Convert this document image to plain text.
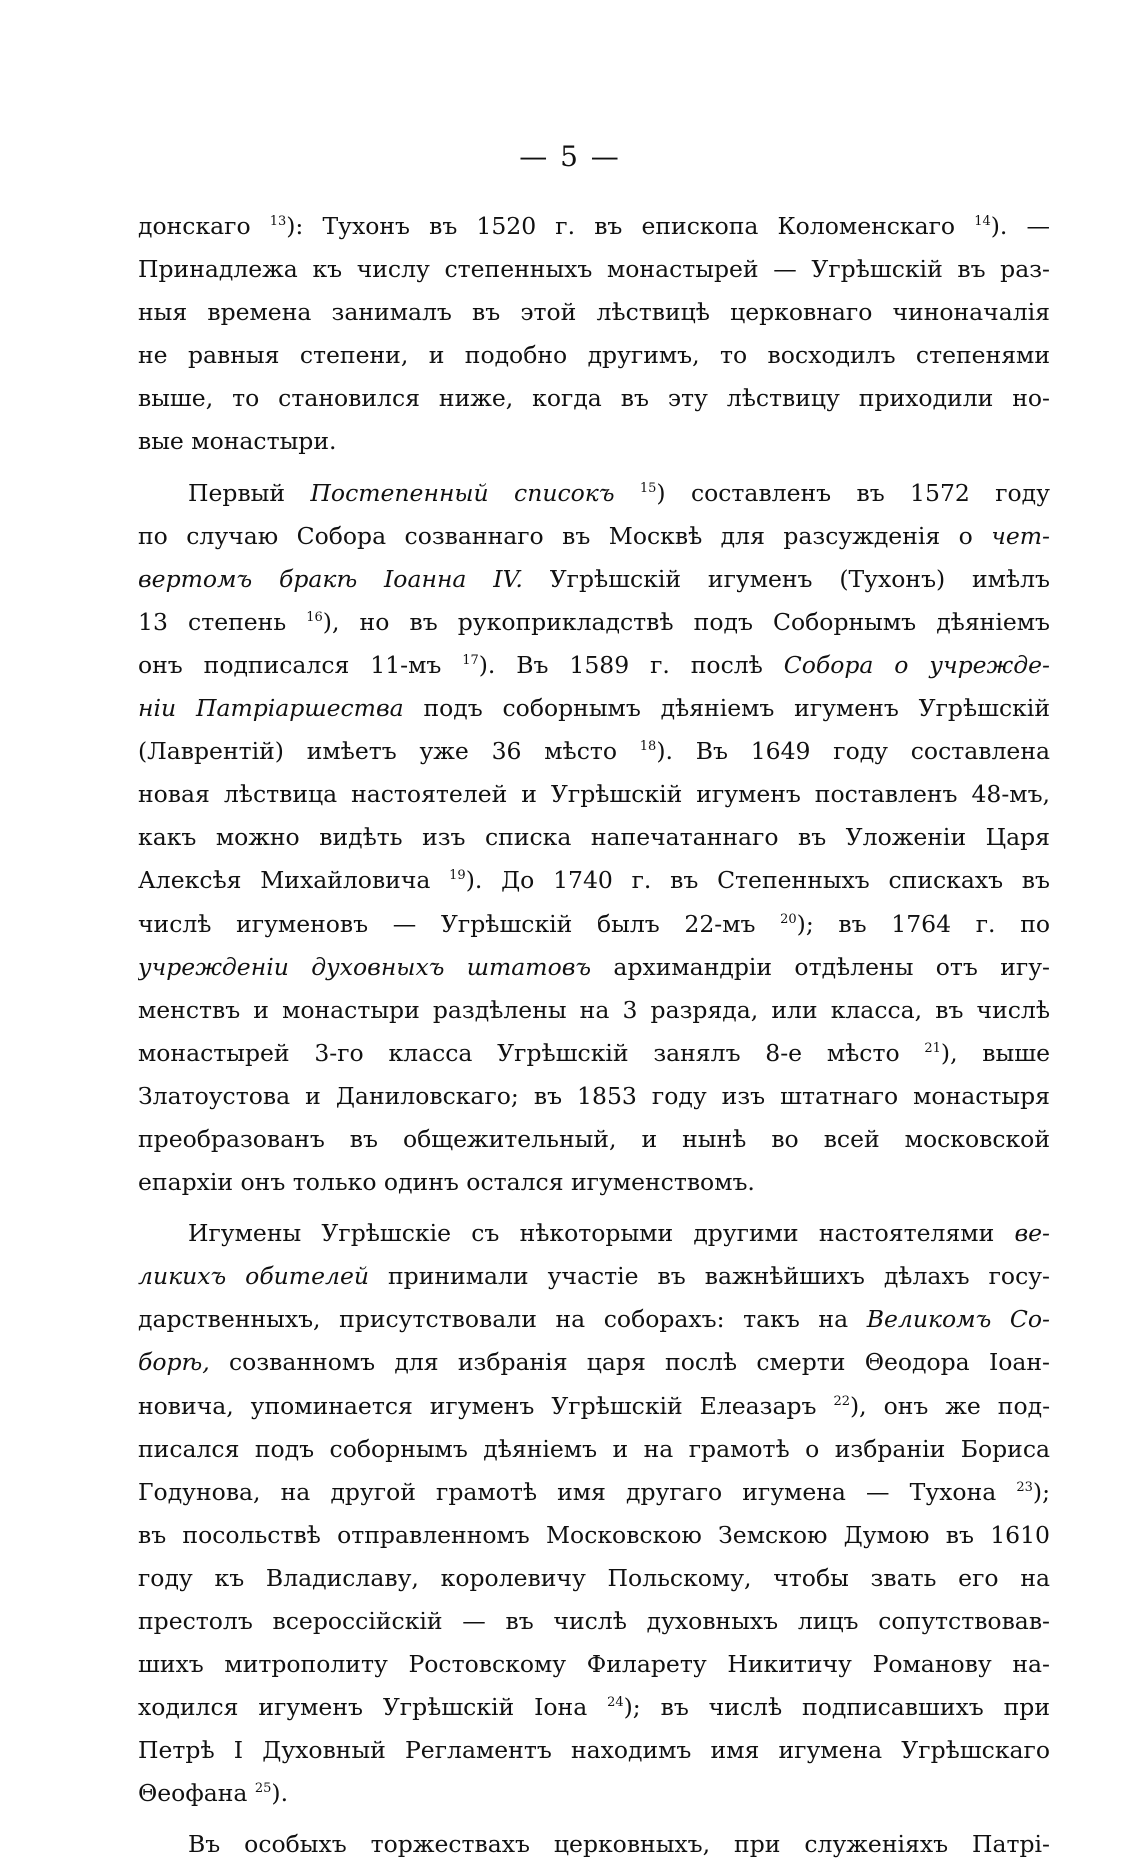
— 5 —
донскаго $^{13}$): Тухонъ въ 1520 г. въ епископа Коломенскаго $^{14}$). —
Принадлежа къ числу степенныхъ монастырей — Угрѣшскій въ раз-
ныя времена занималъ въ этой лѣствицѣ церковнаго чиноначалія
не равныя степени, и подобно другимъ, то восходилъ степенями
выше, то становился ниже, когда въ эту лѣствицу приходили но-
вые монастыри.
Первый Постепенный списокъ $^{15}$) составленъ въ 1572 году
по случаю Собора созваннаго въ Москвѣ для разсужденія о чет-
вертомъ бракѣ Іоанна IV. Угрѣшскій игуменъ (Тухонъ) имѣлъ
13 степень $^{16}$), но въ рукоприкладствѣ подъ Соборнымъ дѣяніемъ
онъ подписался 11-мъ $^{17}$). Въ 1589 г. послѣ Собора о учрежде-
ніи Патріаршества подъ соборнымъ дѣяніемъ игуменъ Угрѣшскій
(Лаврентій) имѣетъ уже 36 мѣсто $^{18}$). Въ 1649 году составлена
новая лѣствица настоятелей и Угрѣшскій игуменъ поставленъ 48-мъ,
какъ можно видѣть изъ списка напечатаннаго въ Уложеніи Царя
Алексѣя Михайловича $^{19}$). До 1740 г. въ Степенныхъ спискахъ въ
числѣ игуменовъ — Угрѣшскій былъ 22-мъ $^{20}$); въ 1764 г. по
учрежденіи духовныхъ штатовъ архимандріи отдѣлены отъ игу-
менствъ и монастыри раздѣлены на 3 разряда, или класса, въ числѣ
монастырей 3-го класса Угрѣшскій занялъ 8-е мѣсто $^{21}$), выше
Златоустова и Даниловскаго; въ 1853 году изъ штатнаго монастыря
преобразованъ въ общежительный, и нынѣ во всей московской
епархіи онъ только одинъ остался игуменствомъ.
Игумены Угрѣшскіе съ нѣкоторыми другими настоятелями ве-
ликихъ обителей принимали участіе въ важнѣйшихъ дѣлахъ госу-
дарственныхъ, присутствовали на соборахъ: такъ на Великомъ Со-
борѣ, созванномъ для избранія царя послѣ смерти Θеодора Іоан-
новича, упоминается игуменъ Угрѣшскій Елеазаръ $^{22}$), онъ же под-
писался подъ соборнымъ дѣяніемъ и на грамотѣ о избраніи Бориса
Годунова, на другой грамотѣ имя другаго игумена — Тухона $^{23}$);
въ посольствѣ отправленномъ Московскою Земскою Думою въ 1610
году къ Владиславу, королевичу Польскому, чтобы звать его на
престолъ всероссійскій — въ числѣ духовныхъ лицъ сопутствовав-
шихъ митрополиту Ростовскому Филарету Никитичу Романову на-
ходился игуменъ Угрѣшскій Іона $^{24}$); въ числѣ подписавшихъ при
Петрѣ I Духовный Регламентъ находимъ имя игумена Угрѣшскаго
Θеофана $^{25}$).
Въ особыхъ торжествахъ церковныхъ, при служеніяхъ Патрі-
